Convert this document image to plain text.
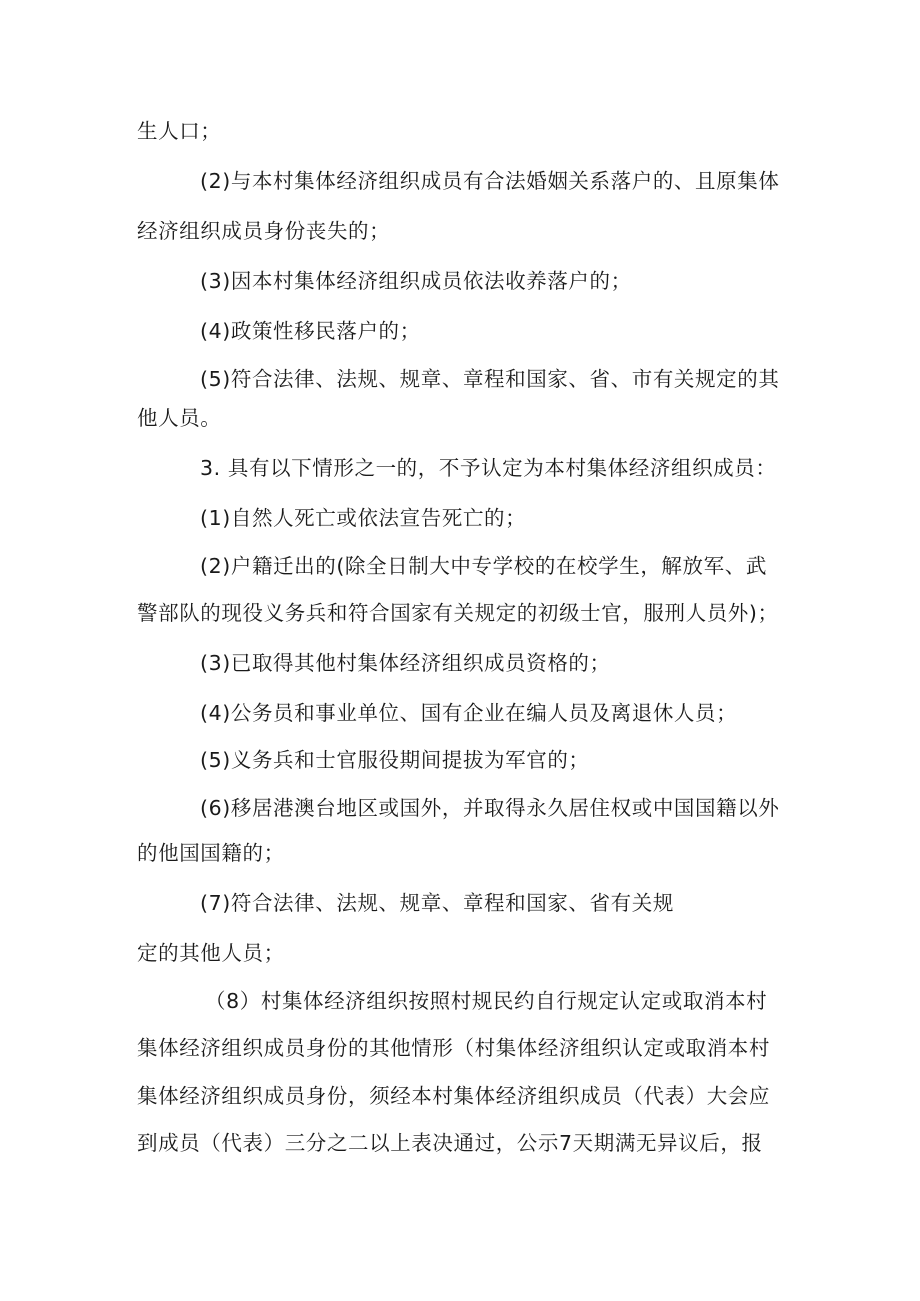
生人口；
(2)与本村集体经济组织成员有合法婚姻关系落户的、且原集体
经济组织成员身份丧失的；
(3)因本村集体经济组织成员依法收养落户的；
(4)政策性移民落户的；
(5)符合法律、法规、规章、章程和国家、省、市有关规定的其
他人员。
3. 具有以下情形之一的，不予认定为本村集体经济组织成员：
(1)自然人死亡或依法宣告死亡的；
(2)户籍迁出的(除全日制大中专学校的在校学生，解放军、武
警部队的现役义务兵和符合国家有关规定的初级士官，服刑人员外)；
(3)已取得其他村集体经济组织成员资格的；
(4)公务员和事业单位、国有企业在编人员及离退休人员；
(5)义务兵和士官服役期间提拔为军官的；
(6)移居港澳台地区或国外，并取得永久居住权或中国国籍以外
的他国国籍的；
(7)符合法律、法规、规章、章程和国家、省有关规
定的其他人员；
（8）村集体经济组织按照村规民约自行规定认定或取消本村
集体经济组织成员身份的其他情形（村集体经济组织认定或取消本村
集体经济组织成员身份，须经本村集体经济组织成员（代表）大会应
到成员（代表）三分之二以上表决通过，公示7天期满无异议后，报
